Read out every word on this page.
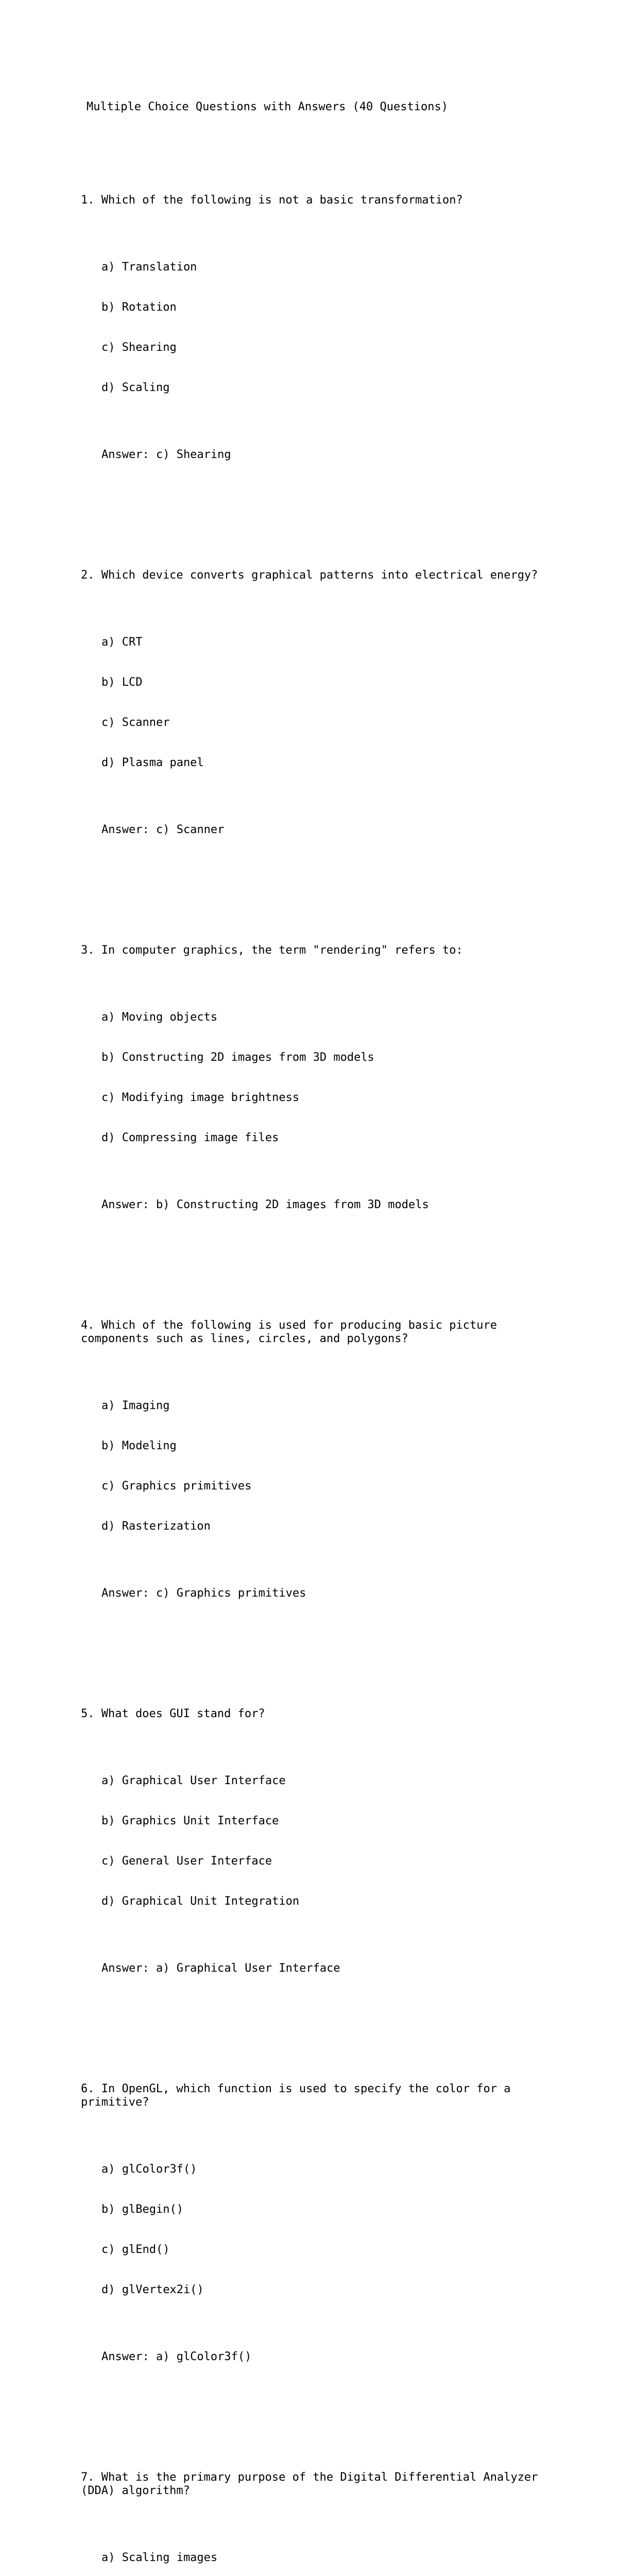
Multiple Choice Questions with Answers (40 Questions)

1. Which of the following is not a basic transformation?

a) Translation

b) Rotation

c) Shearing

d) Scaling

Answer: c) Shearing

2. Which device converts graphical patterns into electrical energy?

a) CRT

b) LCD

c) Scanner

d) Plasma panel

Answer: c) Scanner

3. In computer graphics, the term "rendering" refers to:

a) Moving objects

b) Constructing 2D images from 3D models

c) Modifying image brightness

d) Compressing image files

Answer: b) Constructing 2D images from 3D models

4. Which of the following is used for producing basic picture
components such as lines, circles, and polygons?

a) Imaging

b) Modeling

c) Graphics primitives

d) Rasterization

Answer: c) Graphics primitives

5. What does GUI stand for?

a) Graphical User Interface

b) Graphics Unit Interface

c) General User Interface

d) Graphical Unit Integration

Answer: a) Graphical User Interface

6. In OpenGL, which function is used to specify the color for a
primitive?

a) glColor3f()

b) glBegin()

c) glEnd()

d) glVertex2i()

Answer: a) glColor3f()

7. What is the primary purpose of the Digital Differential Analyzer
(DDA) algorithm?

a) Scaling images
